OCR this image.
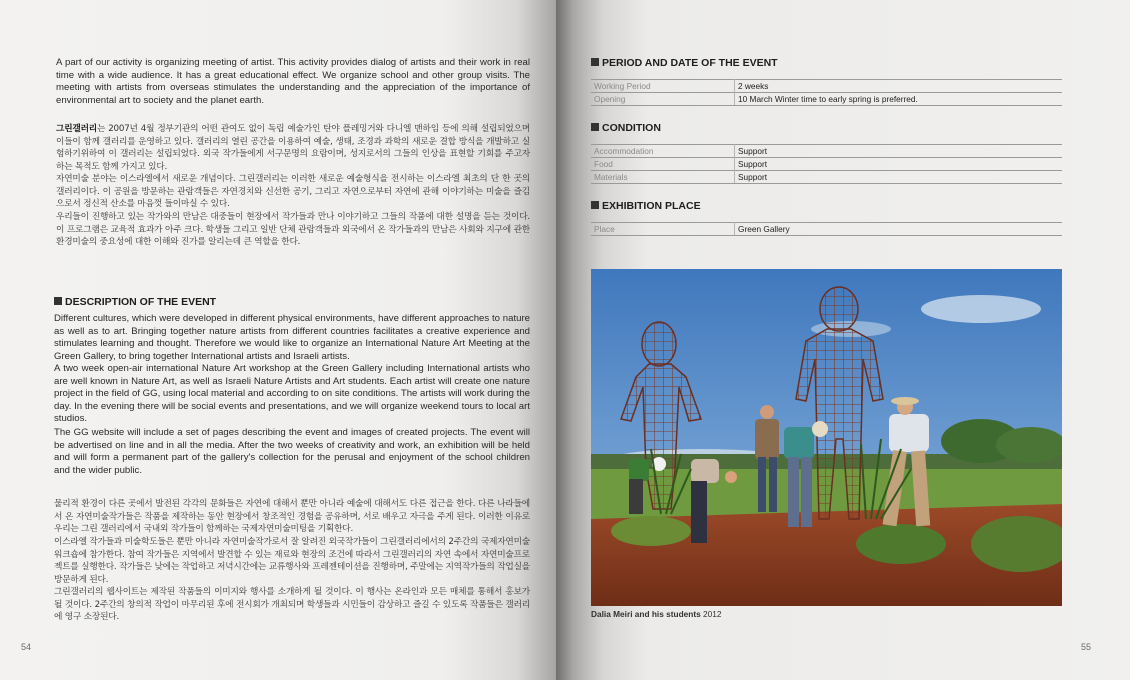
A part of our activity is organizing meeting of artist. This activity provides dialog of artists and their work in real time with a wide audience. It has a great educational effect. We organize school and other group visits. The meeting with artists from overseas stimulates the understanding and the appreciation of the importance of environmental art to society and the planet earth.

그린갤러리는 2007년 4월 정부기관의 어떤 관여도 없이 독립 예술가인 탄야 플레밍거와 다니엘 맨하임 등에 의해 설립되었으며 이들이 함께 갤러리를 운영하고 있다. 갤러리의 열린 공간을 이용하여 예술, 생태, 조경과 과학의 새로운 결합 방식을 개발하고 실험하기위하여 이 갤러리는 설립되었다. 외국 작가들에게 서구문명의 요람이며, 성지로서의 그들의 인상을 표현할 기회를 주고자 하는 목적도 함께 가지고 있다.

자연미술 분야는 이스라엘에서 새로운 개념이다. 그린갤러리는 이러한 새로운 예술형식을 전시하는 이스라엘 최초의 단 한 곳의 갤러리이다. 이 공원을 방문하는 관람객들은 자연경치와 신선한 공기, 그리고 자연으로부터 자연에 관해 이야기하는 미술을 즐김으로서 정신적 산소를 마음껏 들이마실 수 있다.

우리들이 진행하고 있는 작가와의 만남은 대중들이 현장에서 작가들과 만나 이야기하고 그들의 작품에 대한 설명을 듣는 것이다. 이 프로그램은 교육적 효과가 아주 크다. 학생들 그리고 일반 단체 관람객들과 외국에서 온 작가들과의 만남은 사회와 지구에 관한 환경미술의 중요성에 대한 이해와 진가를 알리는데 큰 역할을 한다.

DESCRIPTION OF THE EVENT

Different cultures, which were developed in different physical environments, have different approaches to nature as well as to art. Bringing together nature artists from different countries facilitates a creative experience and stimulates learning and thought. Therefore we would like to organize an International Nature Art Meeting at the Green Gallery, to bring together International artists and Israeli artists.

A two week open-air international Nature Art workshop at the Green Gallery including International artists who are well known in Nature Art, as well as Israeli Nature Artists and Art students. Each artist will create one nature project in the field of GG, using local material and according to on site conditions. The artists will work during the day. In the evening there will be social events and presentations, and we will organize weekend tours to local art studios.

The GG website will include a set of pages describing the event and images of created projects. The event will be advertised on line and in all the media. After the two weeks of creativity and work, an exhibition will be held and will form a permanent part of the gallery's collection for the perusal and enjoyment of the school children and the wider public.

물리적 환경이 다른 곳에서 발전된 각각의 문화들은 자연에 대해서 뿐만 아니라 예술에 대해서도 다른 접근을 한다. 다른 나라들에서 온 자연미술작가들은 작품을 제작하는 동안 현장에서 창조적인 경험을 공유하며, 서로 배우고 자극을 주게 된다. 이러한 이유로 우리는 그린 갤러리에서 국내외 작가들이 함께하는 국제자연미술미팅을 기획한다.

이스라엘 작가들과 미술학도들은 뿐만 아니라 자연미술작가로서 잘 알려진 외국작가들이 그린갤러리에서의 2주간의 국제자연미술워크숍에 참가한다. 참여 작가들은 지역에서 발견할 수 있는 재료와 현장의 조건에 따라서 그린갤러리의 자연 속에서 자연미술프로젝트를 실행한다. 작가들은 낮에는 작업하고 저녁시간에는 교류행사와 프레젠테이션을 진행하며, 주말에는 지역작가들의 작업실을 방문하게 된다.

그린갤러리의 웹사이트는 제작된 작품들의 이미지와 행사를 소개하게 될 것이다. 이 행사는 온라인과 모든 매체를 통해서 홍보가 될 것이다. 2주간의 창의적 작업이 마무리된 후에 전시회가 개최되며 학생들과 시민들이 감상하고 즐길 수 있도록 작품들은 갤러리에 영구 소장된다.

54
PERIOD AND DATE OF THE EVENT
Working Period	2 weeks
Opening	10 March Winter time to early spring is preferred.
CONDITION
Accommodation	Support
Food	Support
Materials	Support
EXHIBITION PLACE
Place	Green Gallery

Dalia Meiri and his students 2012

55
